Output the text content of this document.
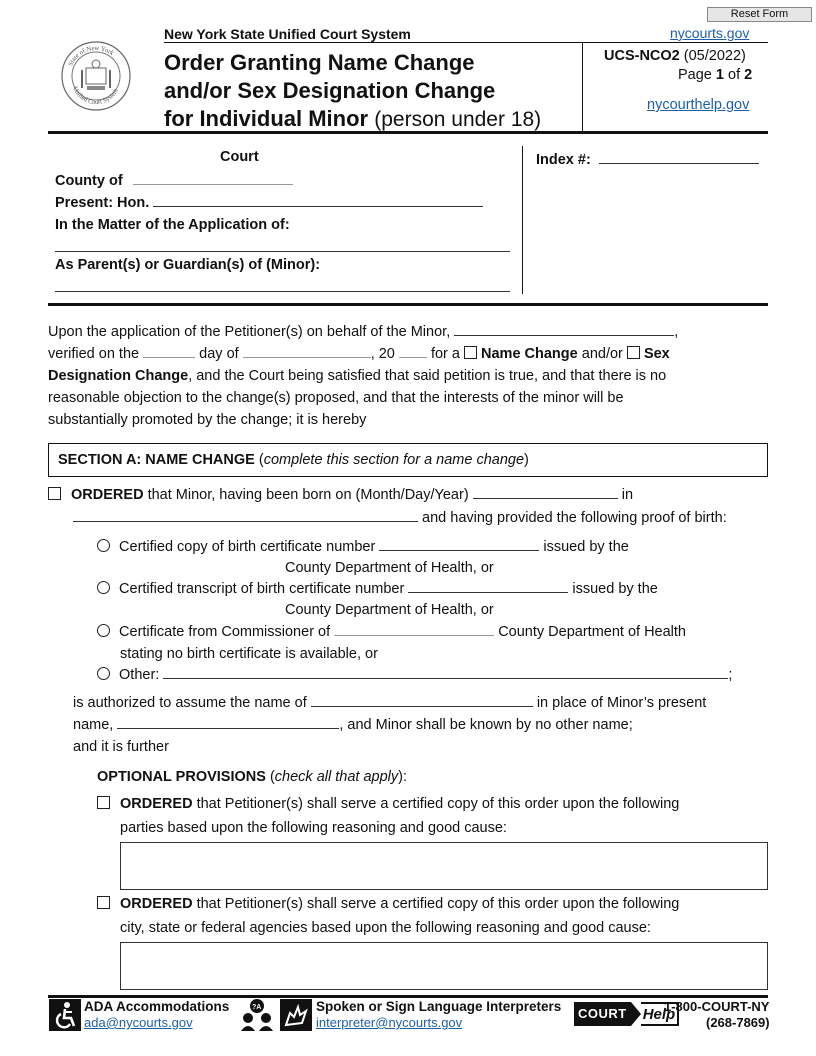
Reset Form
State of New York
Unified Court System
New York State Unified Court System	nycourts.gov
Order Granting Name Change
and/or Sex Designation Change
for Individual Minor (person under 18)
UCS-NCO2 (05/2022)
Page 1 of 2
nycourthelp.gov
Court
County of
Present: Hon.
In the Matter of the Application of:
As Parent(s) or Guardian(s) of (Minor):
Index #:
Upon the application of the Petitioner(s) on behalf of the Minor,	,
verified on the	day of	, 20 for a Name Change and/or Sex
Designation Change, and the Court being satisfied that said petition is true, and that there is no
reasonable objection to the change(s) proposed, and that the interests of the minor will be
substantially promoted by the change; it is hereby
SECTION A: NAME CHANGE (complete this section for a name change)
ORDERED that Minor, having been born on (Month/Day/Year)	in
and having provided the following proof of birth:
Certified copy of birth certificate number	issued by the
County Department of Health, or
Certified transcript of birth certificate number	issued by the
County Department of Health, or
Certificate from Commissioner of	County Department of Health
stating no birth certificate is available, or
Other:	;
is authorized to assume the name of	in place of Minor’s present
name,	, and Minor shall be known by no other name;
and it is further
OPTIONAL PROVISIONS (check all that apply):
ORDERED that Petitioner(s) shall serve a certified copy of this order upon the following
parties based upon the following reasoning and good cause:
ORDERED that Petitioner(s) shall serve a certified copy of this order upon the following
city, state or federal agencies based upon the following reasoning and good cause:
ADA Accommodations
ada@nycourts.gov
?A	Spoken or Sign Language Interpreters
interpreter@nycourts.gov
COURT Help
1-800-COURT-NY
(268-7869)
